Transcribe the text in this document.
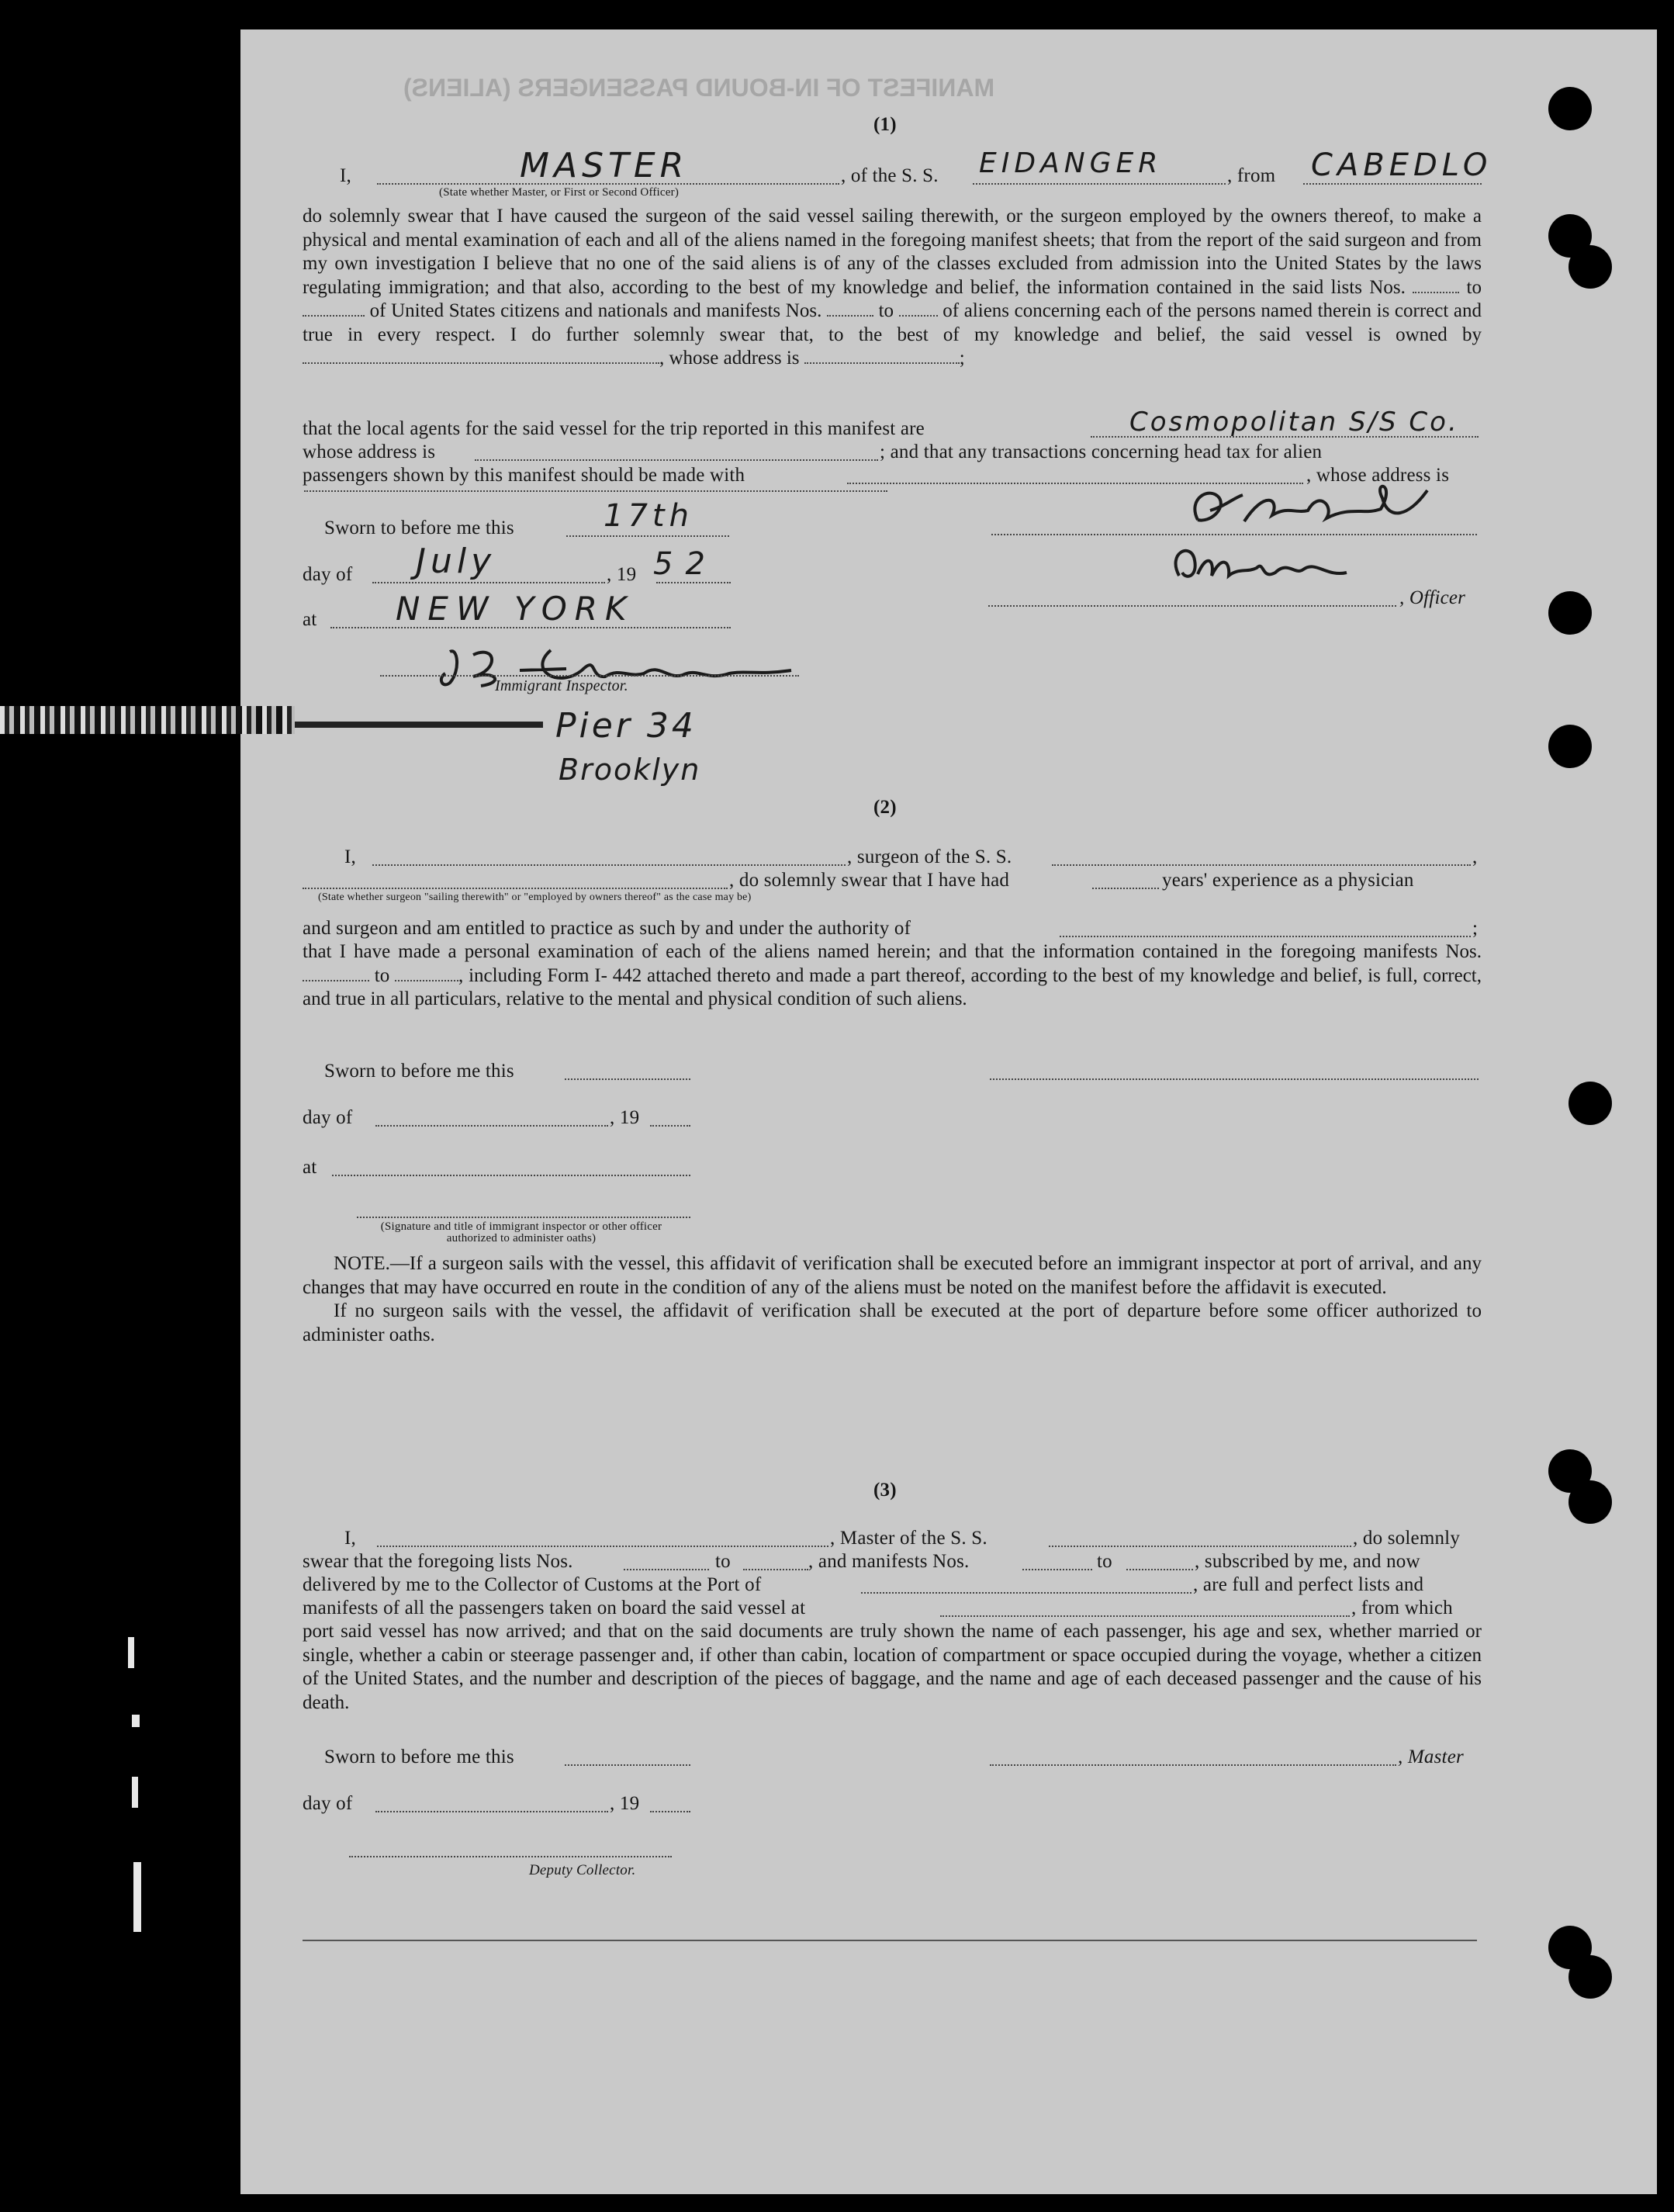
MANIFEST OF IN-BOUND PASSENGERS (ALIENS)
(1)
I,	MASTER
(State whether Master, or First or Second Officer)
, of the S. S. EIDANGER	, from CABEDLO
do solemnly swear that I have caused the surgeon of the said vessel sailing therewith, or the surgeon employed by the owners thereof, to make a physical and mental examination of each and all of the aliens named in the foregoing manifest sheets; that from the report of the said surgeon and from my own investigation I believe that no one of the said aliens is of any of the classes excluded from admission into the United States by the laws regulating immigration; and that also, according to the best of my knowledge and belief, the information contained in the said lists Nos.	to  of United States citizens and nationals and manifests Nos.	to	of aliens concerning each of the persons named therein is correct and true in every respect. I do further solemnly swear that, to the best of my knowledge and belief, the said vessel is owned by , whose address is	;
that the local agents for the said vessel for the trip reported in this manifest are	Cosmopolitan S/S Co.
whose address is	; and that any transactions concerning head tax for alien
passengers shown by this manifest should be made with	, whose address is
Sworn to before me this	17th
day of July	, 19 52
, Officer
at NEW YORK
Immigrant Inspector.
Pier 34
Brooklyn
(2)
I,	, surgeon of the S. S.	,
, do solemnly swear that I have had	years' experience as a physician
(State whether surgeon "sailing therewith" or "employed by owners thereof" as the case may be)
and surgeon and am entitled to practice as such by and under the authority of	;
that I have made a personal examination of each of the aliens named herein; and that the information contained in the foregoing manifests Nos.  to	, including Form I- 442 attached thereto and made a part thereof, according to the best of my knowledge and belief, is full, correct, and true in all particulars, relative to the mental and physical condition of such aliens.
Sworn to before me this
day of	, 19
at
(Signature and title of immigrant inspector or other officer authorized to administer oaths)
NOTE.—If a surgeon sails with the vessel, this affidavit of verification shall be executed before an immigrant inspector at port of arrival, and any changes that may have occurred en route in the condition of any of the aliens must be noted on the manifest before the affidavit is executed.
If no surgeon sails with the vessel, the affidavit of verification shall be executed at the port of departure before some officer authorized to administer oaths.
(3)
I,	, Master of the S. S.	, do solemnly
swear that the foregoing lists Nos.	to	, and manifests Nos.	to	, subscribed by me, and now
delivered by me to the Collector of Customs at the Port of	, are full and perfect lists and
manifests of all the passengers taken on board the said vessel at	, from which
port said vessel has now arrived; and that on the said documents are truly shown the name of each passenger, his age and sex, whether married or single, whether a cabin or steerage passenger and, if other than cabin, location of compartment or space occupied during the voyage, whether a citizen of the United States, and the number and description of the pieces of baggage, and the name and age of each deceased passenger and the cause of his death.
Sworn to before me this	, Master
day of	, 19
Deputy Collector.
